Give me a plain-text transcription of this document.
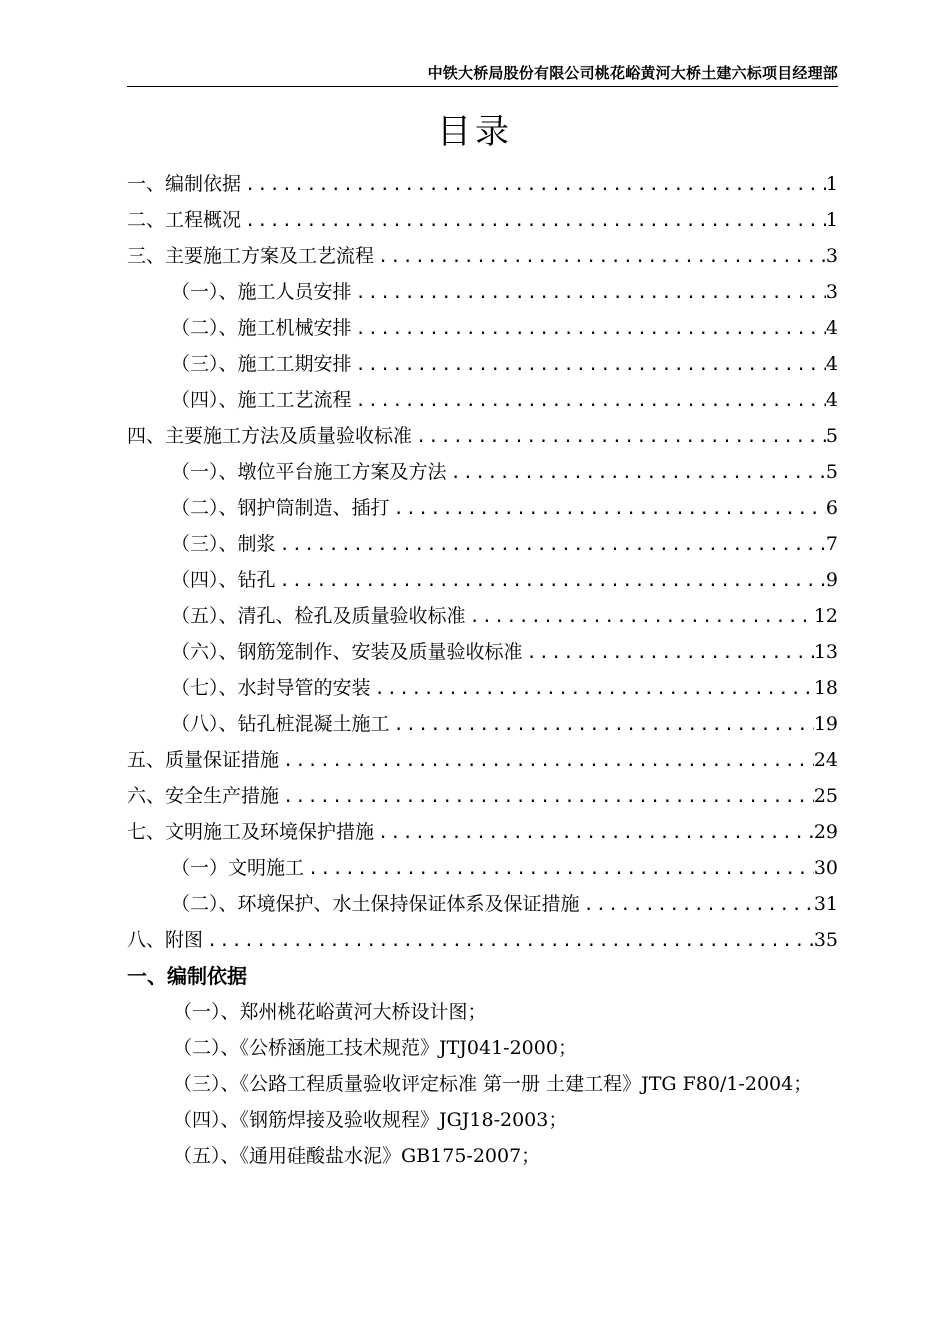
中铁大桥局股份有限公司桃花峪黄河大桥土建六标项目经理部
目录
一、编制依据 .....	1
二、工程概况 .....	1
三、主要施工方案及工艺流程 .....	3
（一）、施工人员安排 .....	3
（二）、施工机械安排 .....	4
（三）、施工工期安排 .....	4
（四）、施工工艺流程 .....	4
四、主要施工方法及质量验收标准 .....	5
（一）、墩位平台施工方案及方法 .....	5
（二）、钢护筒制造、插打 .....	6
（三）、制浆 .....	7
（四）、钻孔 .....	9
（五）、清孔、检孔及质量验收标准 .....	12
（六）、钢筋笼制作、安装及质量验收标准 .....	13
（七）、水封导管的安装 .....	18
（八）、钻孔桩混凝土施工 .....	19
五、质量保证措施 .....	24
六、安全生产措施 .....	25
七、文明施工及环境保护措施 .....	29
（一）文明施工 .....	30
（二）、环境保护、水土保持保证体系及保证措施 .....	31
八、附图 .....	35
一、编制依据
（一）、郑州桃花峪黄河大桥设计图；
（二）、《公桥涵施工技术规范》JTJ041-2000；
（三）、《公路工程质量验收评定标准 第一册 土建工程》JTG F80/1-2004；
（四）、《钢筋焊接及验收规程》JGJ18-2003；
（五）、《通用硅酸盐水泥》GB175-2007；
